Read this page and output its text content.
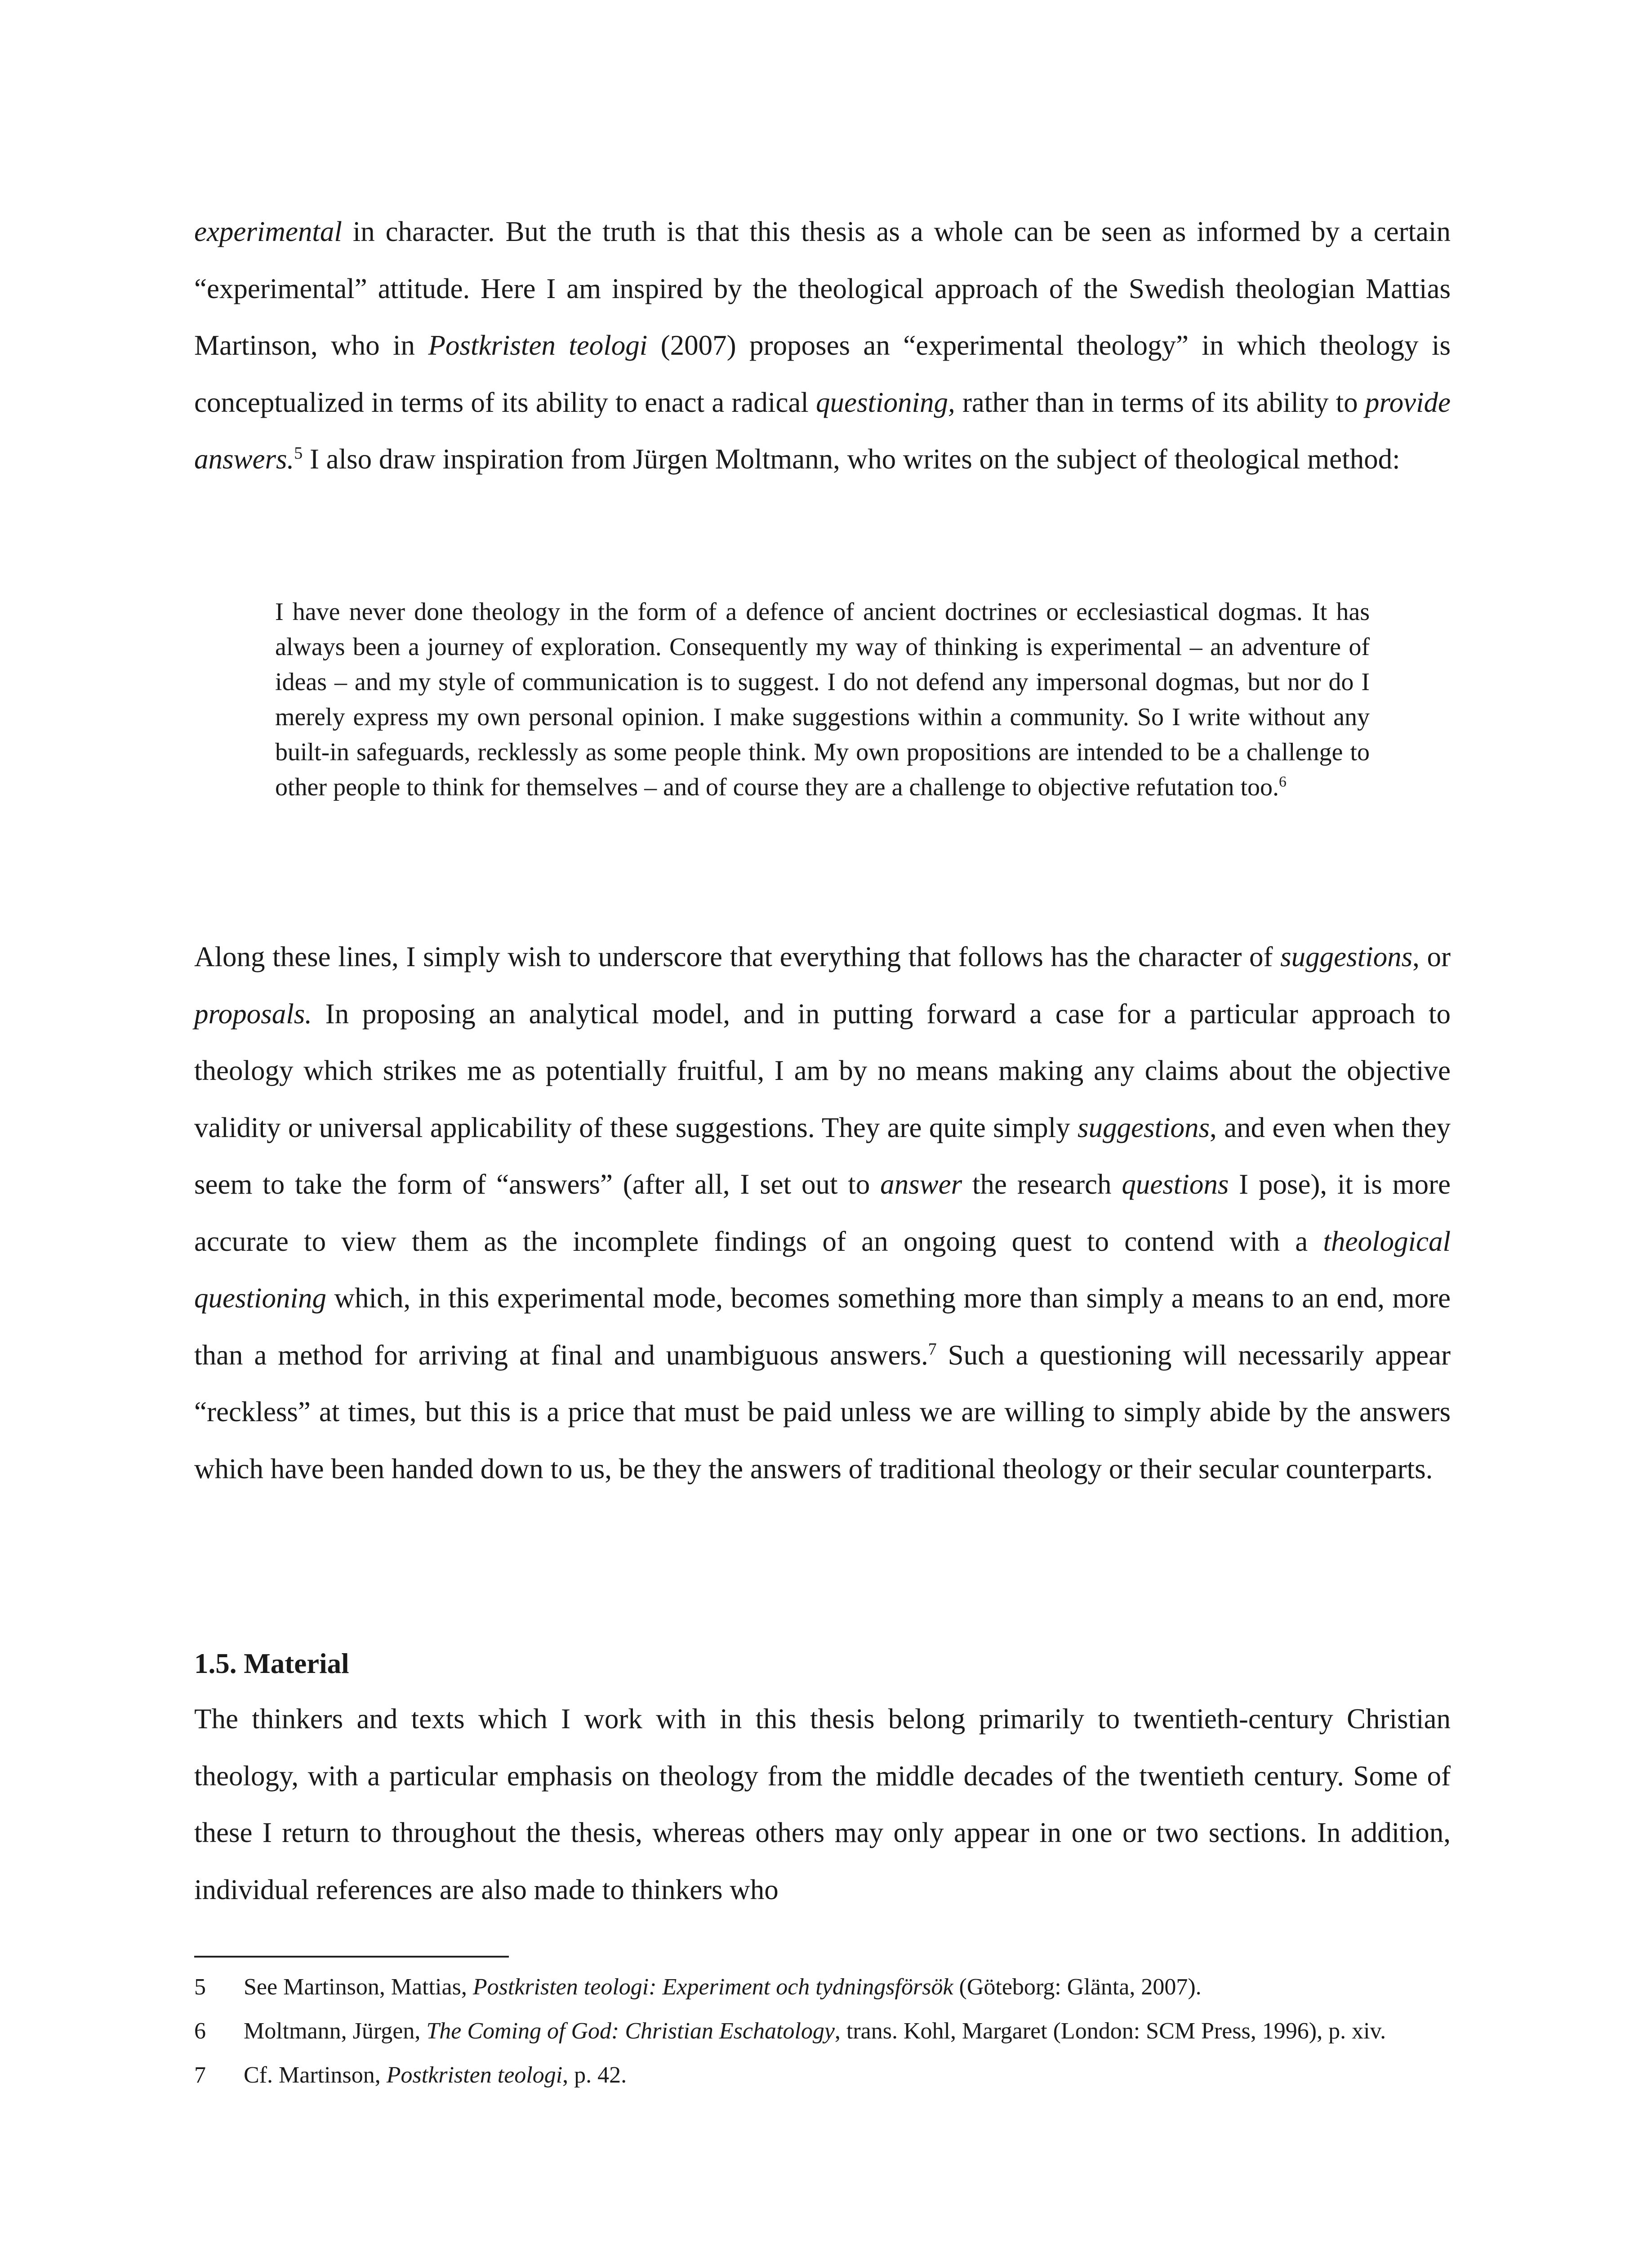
experimental in character. But the truth is that this thesis as a whole can be seen as informed by a certain “experimental” attitude. Here I am inspired by the theological approach of the Swedish theologian Mattias Martinson, who in Postkristen teologi (2007) proposes an “experimental theology” in which theology is conceptualized in terms of its ability to enact a radical questioning, rather than in terms of its ability to provide answers.$^5$ I also draw inspiration from Jürgen Moltmann, who writes on the subject of theological method:

I have never done theology in the form of a defence of ancient doctrines or ecclesiastical dogmas. It has always been a journey of exploration. Consequently my way of thinking is experimental – an adventure of ideas – and my style of communication is to suggest. I do not defend any impersonal dogmas, but nor do I merely express my own personal opinion. I make suggestions within a community. So I write without any built-in safeguards, recklessly as some people think. My own propositions are intended to be a challenge to other people to think for themselves – and of course they are a challenge to objective refutation too.$^6$

Along these lines, I simply wish to underscore that everything that follows has the character of suggestions, or proposals. In proposing an analytical model, and in putting forward a case for a particular approach to theology which strikes me as potentially fruitful, I am by no means making any claims about the objective validity or universal applicability of these suggestions. They are quite simply suggestions, and even when they seem to take the form of “answers” (after all, I set out to answer the research questions I pose), it is more accurate to view them as the incomplete findings of an ongoing quest to contend with a theological questioning which, in this experimental mode, becomes something more than simply a means to an end, more than a method for arriving at final and unambiguous answers.$^7$ Such a questioning will necessarily appear “reckless” at times, but this is a price that must be paid unless we are willing to simply abide by the answers which have been handed down to us, be they the answers of traditional theology or their secular counterparts.

1.5. Material

The thinkers and texts which I work with in this thesis belong primarily to twentieth-century Christian theology, with a particular emphasis on theology from the middle decades of the twentieth century. Some of these I return to throughout the thesis, whereas others may only appear in one or two sections. In addition, individual references are also made to thinkers who

5	See Martinson, Mattias, Postkristen teologi: Experiment och tydningsförsök (Göteborg: Glänta, 2007).
6	Moltmann, Jürgen, The Coming of God: Christian Eschatology, trans. Kohl, Margaret (London: SCM Press, 1996), p. xiv.
7	Cf. Martinson, Postkristen teologi, p. 42.
